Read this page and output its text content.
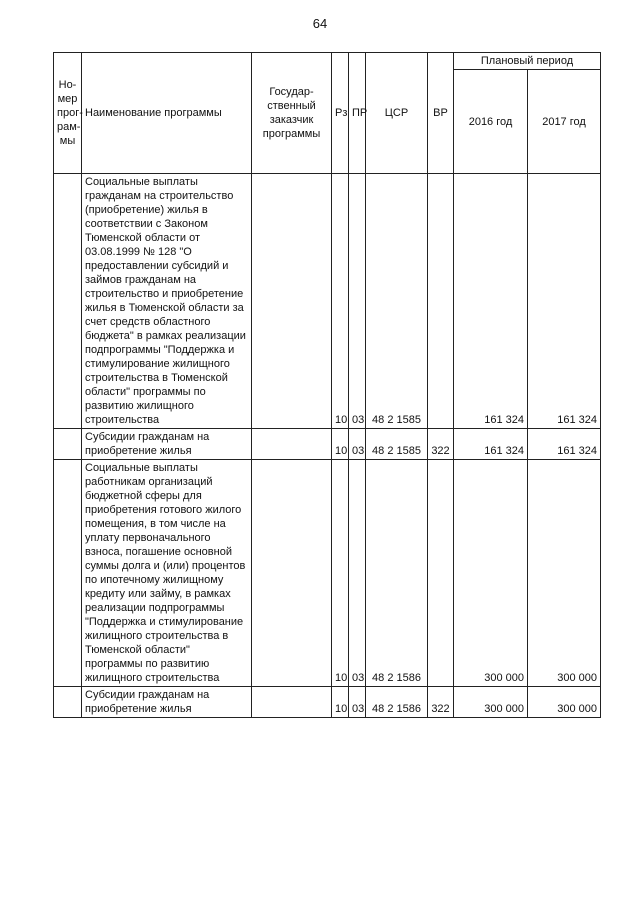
64
Но-мер прог-рам-мы	Наименование программы	Государ-ственный заказчик программы	Рз	ПР	ЦСР	ВР	Плановый период	
							2016 год	2017 год
	Социальные выплаты гражданам на строительство (приобретение) жилья в соответствии с Законом Тюменской области от 03.08.1999 № 128 "О предоставлении субсидий и займов гражданам на строительство и приобретение жилья в Тюменской области за счет средств областного бюджета" в рамках реализации подпрограммы "Поддержка и стимулирование жилищного строительства в Тюменской области" программы по развитию жилищного строительства		10	03	48 2 1585		161 324	161 324
	Субсидии гражданам на приобретение жилья		10	03	48 2 1585	322	161 324	161 324
	Социальные выплаты работникам организаций бюджетной сферы для приобретения готового жилого помещения, в том числе на уплату первоначального взноса, погашение основной суммы долга и (или) процентов по ипотечному жилищному кредиту или займу, в рамках реализации подпрограммы "Поддержка и стимулирование жилищного строительства в Тюменской области" программы по развитию жилищного строительства		10	03	48 2 1586		300 000	300 000
	Субсидии гражданам на приобретение жилья		10	03	48 2 1586	322	300 000	300 000
